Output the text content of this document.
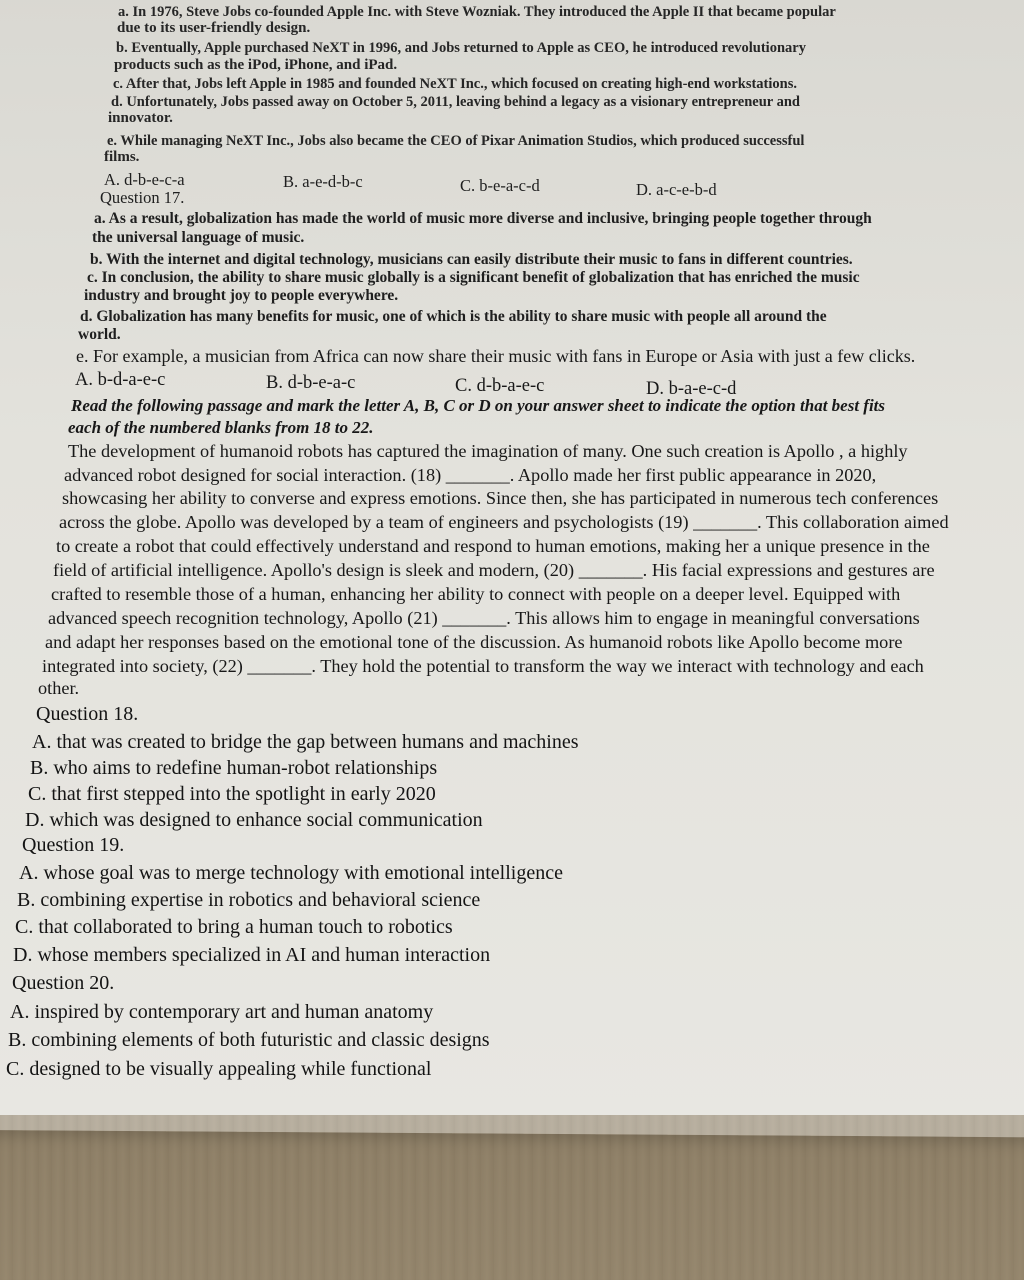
a. In 1976, Steve Jobs co-founded Apple Inc. with Steve Wozniak. They introduced the Apple II that became popular
due to its user-friendly design.
b. Eventually, Apple purchased NeXT in 1996, and Jobs returned to Apple as CEO, he introduced revolutionary
products such as the iPod, iPhone, and iPad.
c. After that, Jobs left Apple in 1985 and founded NeXT Inc., which focused on creating high-end workstations.
d. Unfortunately, Jobs passed away on October 5, 2011, leaving behind a legacy as a visionary entrepreneur and
innovator.
e. While managing NeXT Inc., Jobs also became the CEO of Pixar Animation Studios, which produced successful
films.
A. d-b-e-c-a	B. a-e-d-b-c	C. b-e-a-c-d	D. a-c-e-b-d
Question 17.
a. As a result, globalization has made the world of music more diverse and inclusive, bringing people together through
the universal language of music.
b. With the internet and digital technology, musicians can easily distribute their music to fans in different countries.
c. In conclusion, the ability to share music globally is a significant benefit of globalization that has enriched the music
industry and brought joy to people everywhere.
d. Globalization has many benefits for music, one of which is the ability to share music with people all around the
world.
e. For example, a musician from Africa can now share their music with fans in Europe or Asia with just a few clicks.
A. b-d-a-e-c	B. d-b-e-a-c	C. d-b-a-e-c	D. b-a-e-c-d
Read the following passage and mark the letter A, B, C or D on your answer sheet to indicate the option that best fits
each of the numbered blanks from 18 to 22.
The development of humanoid robots has captured the imagination of many. One such creation is Apollo , a highly
advanced robot designed for social interaction. (18) _______. Apollo made her first public appearance in 2020,
showcasing her ability to converse and express emotions. Since then, she has participated in numerous tech conferences
across the globe. Apollo was developed by a team of engineers and psychologists (19) _______. This collaboration aimed
to create a robot that could effectively understand and respond to human emotions, making her a unique presence in the
field of artificial intelligence. Apollo's design is sleek and modern, (20) _______. His facial expressions and gestures are
crafted to resemble those of a human, enhancing her ability to connect with people on a deeper level. Equipped with
advanced speech recognition technology, Apollo (21) _______. This allows him to engage in meaningful conversations
and adapt her responses based on the emotional tone of the discussion. As humanoid robots like Apollo become more
integrated into society, (22) _______. They hold the potential to transform the way we interact with technology and each
other.
Question 18.
A. that was created to bridge the gap between humans and machines
B. who aims to redefine human-robot relationships
C. that first stepped into the spotlight in early 2020
D. which was designed to enhance social communication
Question 19.
A. whose goal was to merge technology with emotional intelligence
B. combining expertise in robotics and behavioral science
C. that collaborated to bring a human touch to robotics
D. whose members specialized in AI and human interaction
Question 20.
A. inspired by contemporary art and human anatomy
B. combining elements of both futuristic and classic designs
C. designed to be visually appealing while functional
